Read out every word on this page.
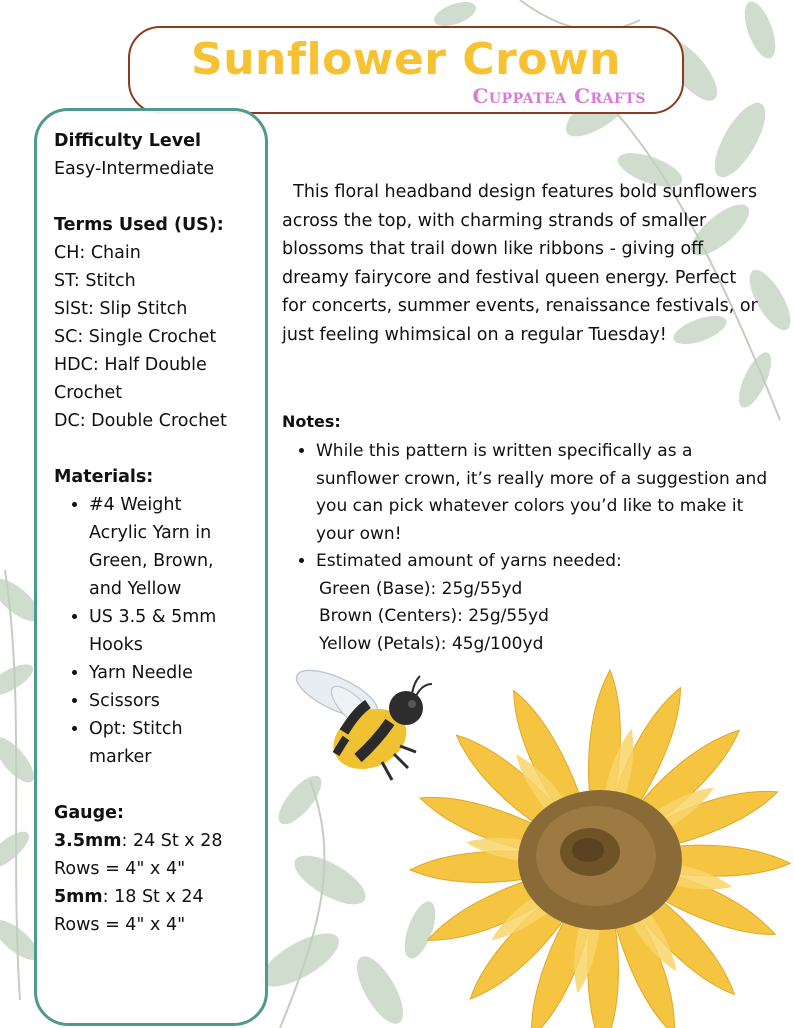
Sunflower Crown
Cuppatea Crafts
Difficulty Level
Easy-Intermediate
Terms Used (US):
CH: Chain
ST: Stitch
SlSt: Slip Stitch
SC: Single Crochet
HDC: Half Double Crochet
DC: Double Crochet
Materials:
• #4 Weight Acrylic Yarn in Green, Brown, and Yellow
• US 3.5 & 5mm Hooks
• Yarn Needle
• Scissors
• Opt: Stitch marker
Gauge:
3.5mm: 24 St x 28 Rows = 4" x 4"
5mm: 18 St x 24 Rows = 4" x 4"
This floral headband design features bold sunflowers across the top, with charming strands of smaller blossoms that trail down like ribbons - giving off dreamy fairycore and festival queen energy. Perfect for concerts, summer events, renaissance festivals, or just feeling whimsical on a regular Tuesday!
Notes:
• While this pattern is written specifically as a sunflower crown, it’s really more of a suggestion and you can pick whatever colors you’d like to make it your own!
• Estimated amount of yarns needed:
Green (Base): 25g/55yd
Brown (Centers): 25g/55yd
Yellow (Petals): 45g/100yd
